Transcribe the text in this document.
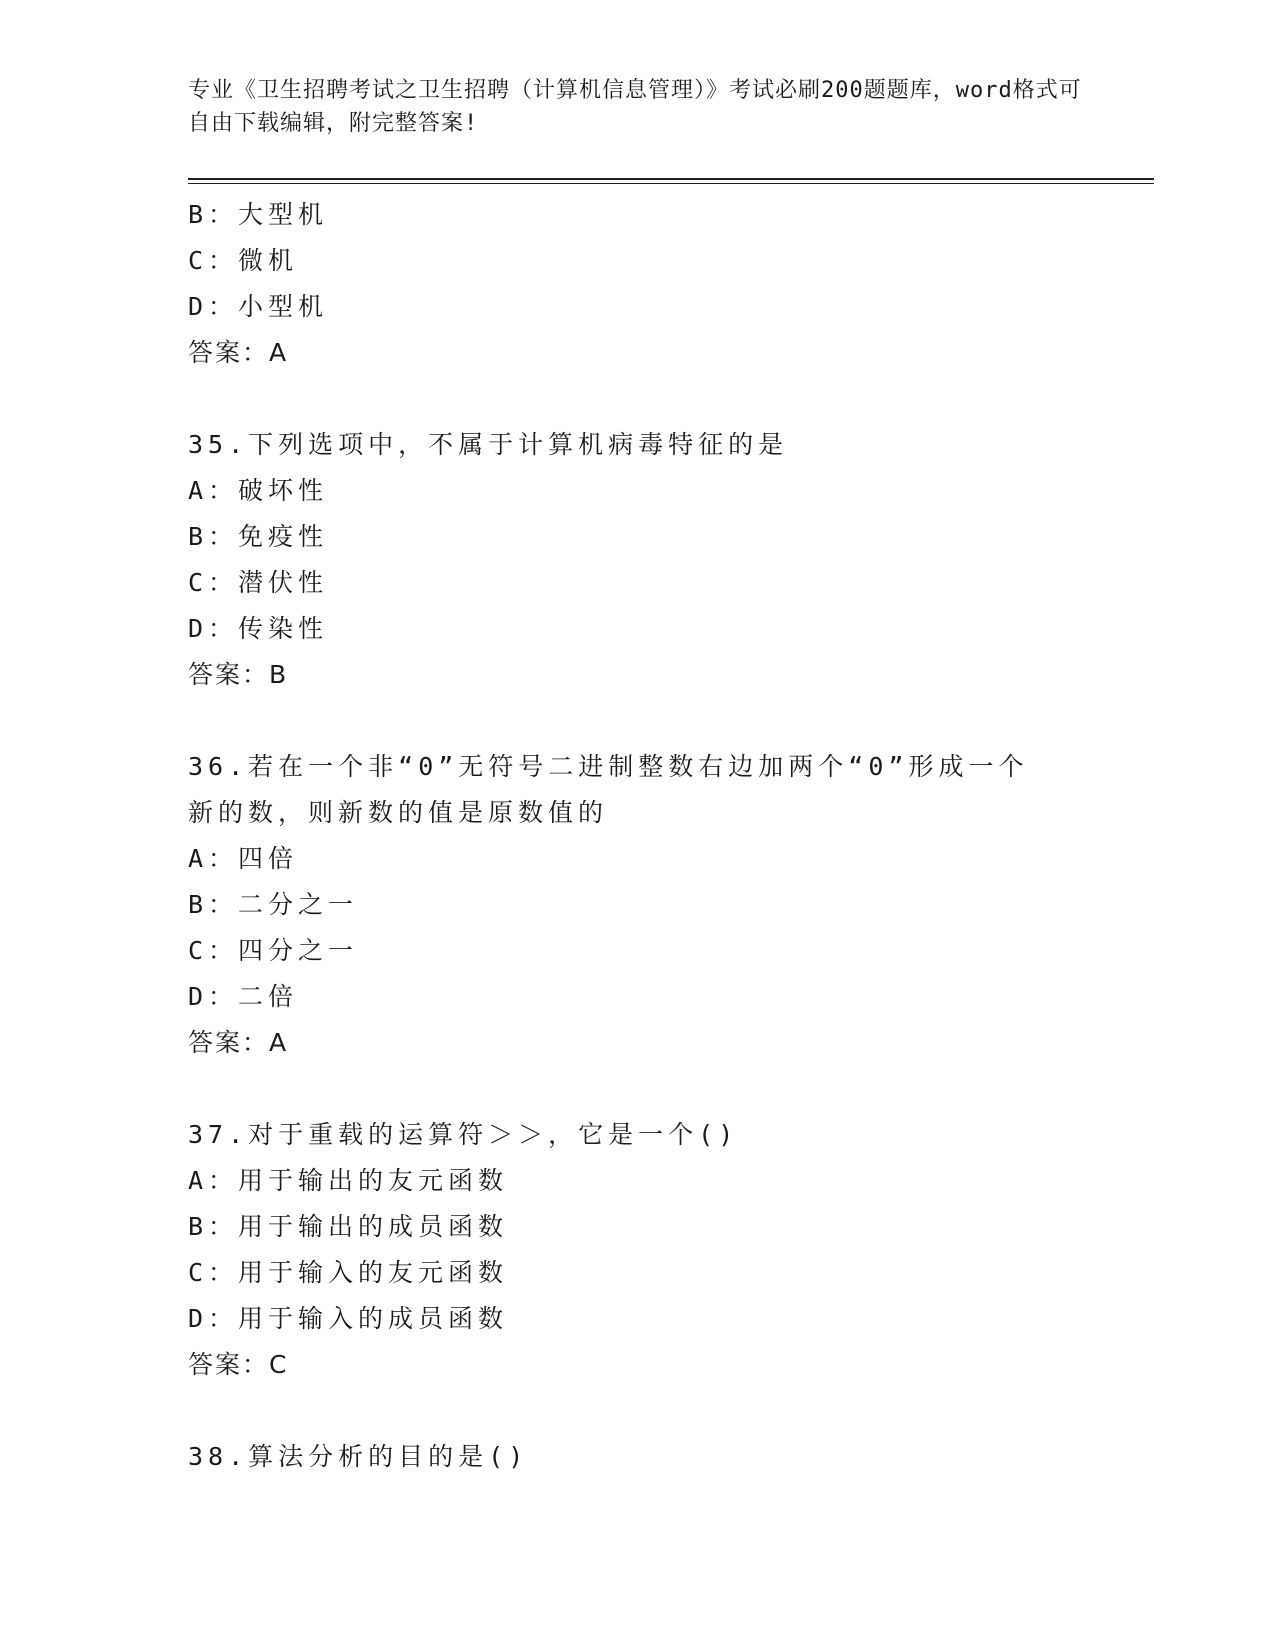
专业《卫生招聘考试之卫生招聘（计算机信息管理）》考试必刷200题题库，word格式可自由下载编辑，附完整答案!
B：大型机
C：微机
D：小型机
答案：A
35.下列选项中，不属于计算机病毒特征的是
A：破坏性
B：免疫性
C：潜伏性
D：传染性
答案：B
36.若在一个非“0”无符号二进制整数右边加两个“0”形成一个新的数，则新数的值是原数值的
A：四倍
B：二分之一
C：四分之一
D：二倍
答案：A
37.对于重载的运算符＞＞，它是一个()
A：用于输出的友元函数
B：用于输出的成员函数
C：用于输入的友元函数
D：用于输入的成员函数
答案：C
38.算法分析的目的是()
